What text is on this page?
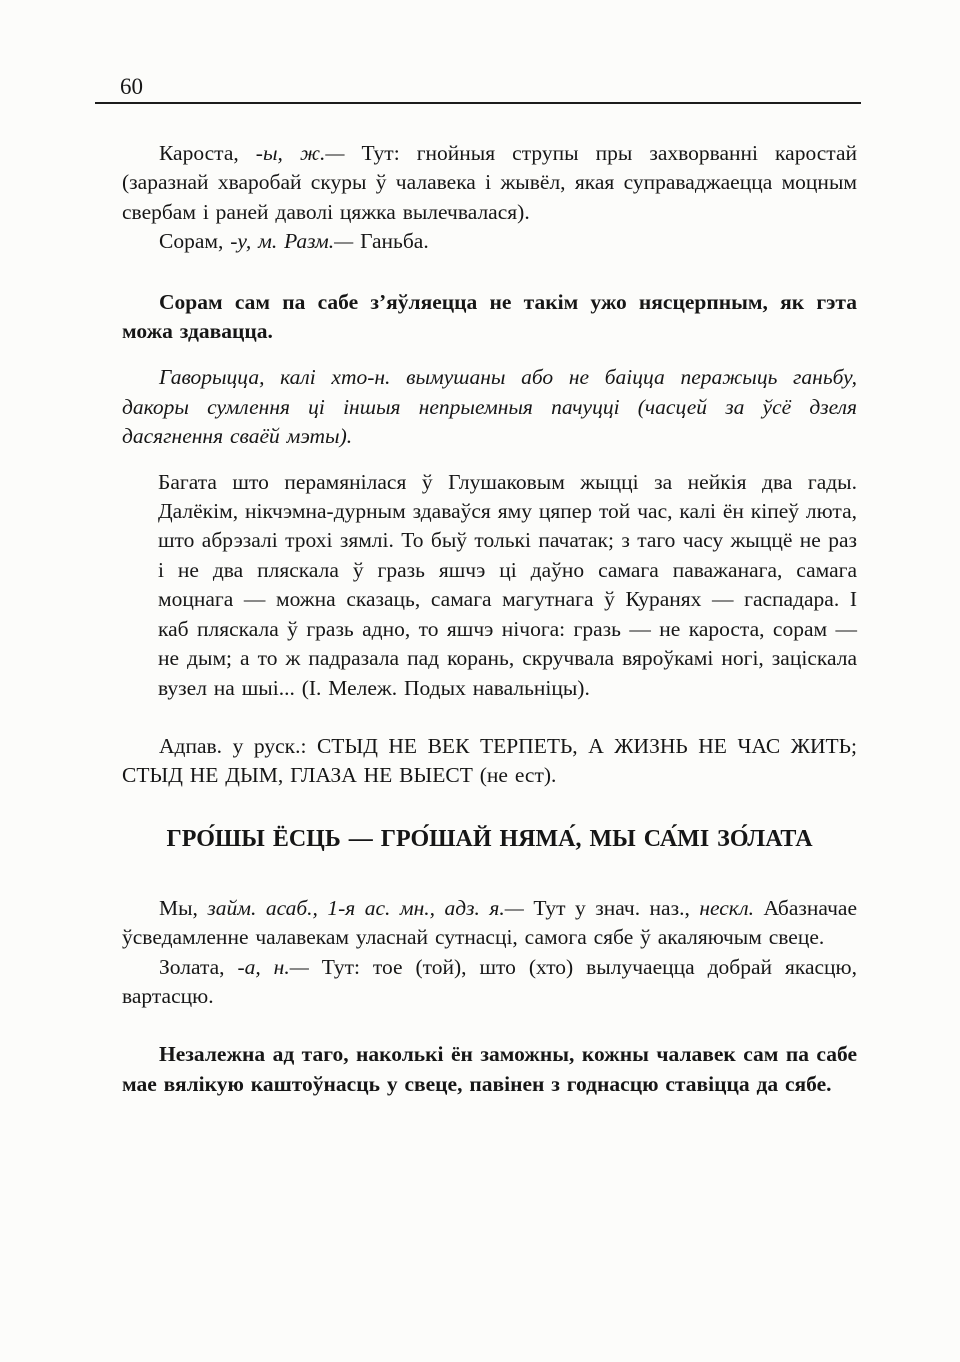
60

Кароста, -ы, ж.— Тут: гнойныя струпы пры захворванні каростай (заразнай хваробай скуры ў чалавека і жывёл, якая суправаджаецца моцным свербам і раней даволі цяжка вылечвалася).

Сорам, -у, м. Разм.— Ганьба.

Сорам сам па сабе з’яўляецца не такім ужо нясцерпным, як гэта можа здавацца.

Гаворыцца, калі хто-н. вымушаны або не баіцца перажыць ганьбу, дакоры сумлення ці іншыя непрыемныя пачуцці (часцей за ўсё дзеля дасягнення сваёй мэты).

Багата што перамянілася ў Глушаковым жыцці за нейкія два гады. Далёкім, нікчэмна-дурным здаваўся яму цяпер той час, калі ён кіпеў люта, што абрэзалі трохі зямлі. То быў толькі пачатак; з таго часу жыццё не раз і не два пляскала ў гразь яшчэ ці даўно самага паважанага, самага моцнага — можна сказаць, самага магутнага ў Куранях — гаспадара. І каб пляскала ў гразь адно, то яшчэ нічога: гразь — не кароста, сорам — не дым; а то ж падразала пад корань, скручвала вяроўкамі ногі, заціскала вузел на шыі... (І. Мележ. Подых навальніцы).

Адпав. у руск.: СТЫД НЕ ВЕК ТЕРПЕТЬ, А ЖИЗНЬ НЕ ЧАС ЖИТЬ; СТЫД НЕ ДЫМ, ГЛАЗА НЕ ВЫЕСТ (не ест).

ГРО́ШЫ ЁСЦЬ — ГРО́ШАЙ НЯМА́, МЫ СА́МІ ЗО́ЛАТА

Мы, займ. асаб., 1-я ас. мн., адз. я.— Тут у знач. наз., нескл. Абазначае ўсведамленне чалавекам уласнай сутнасці, самога сябе ў акаляючым свеце.

Золата, -а, н.— Тут: тое (той), што (хто) вылучаецца добрай якасцю, вартасцю.

Незалежна ад таго, наколькі ён заможны, кожны чалавек сам па сабе мае вялікую каштоўнасць у свеце, павінен з годнасцю ставіцца да сябе.
